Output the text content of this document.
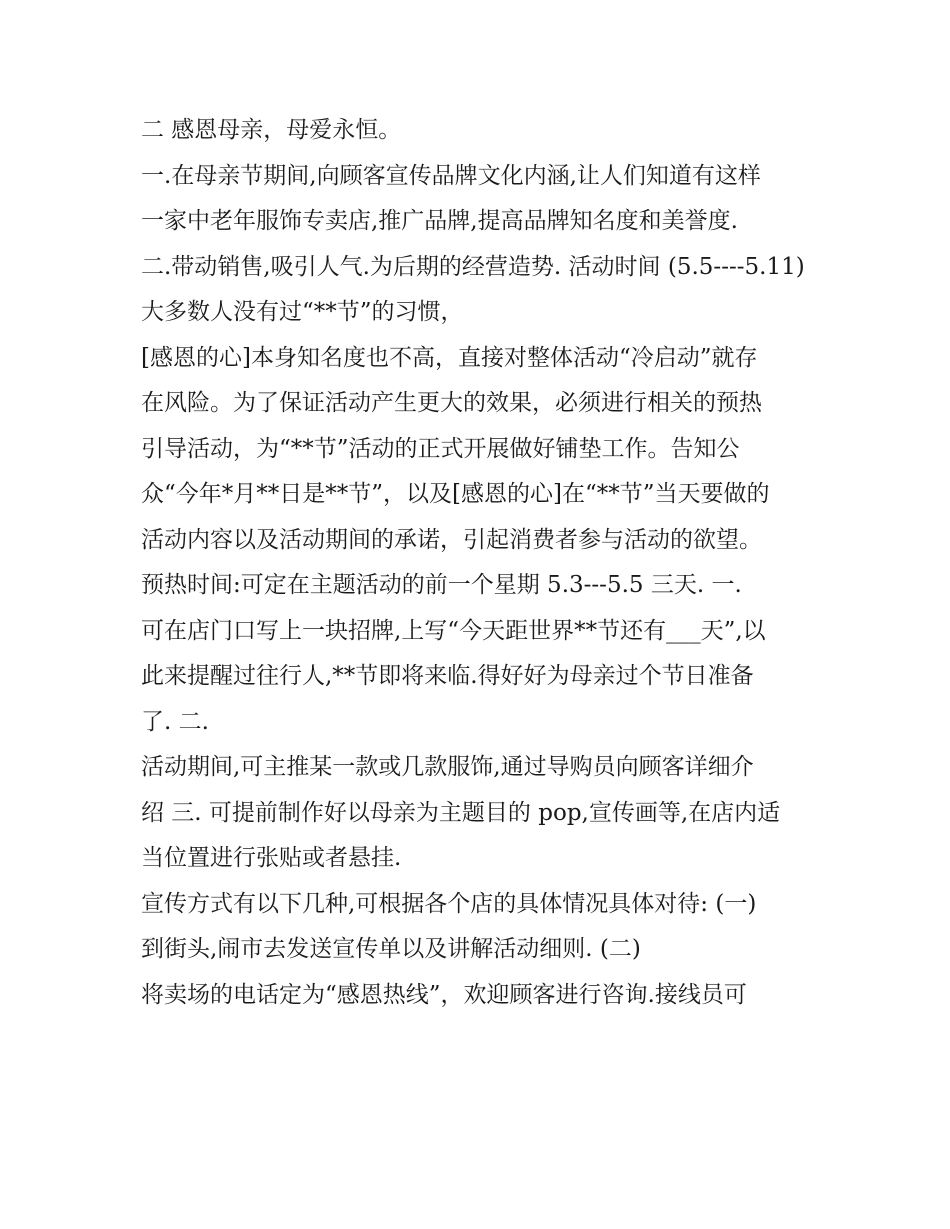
二 感恩母亲，母爱永恒。

一.在母亲节期间,向顾客宣传品牌文化内涵,让人们知道有这样

一家中老年服饰专卖店,推广品牌,提高品牌知名度和美誉度.

二.带动销售,吸引人气.为后期的经营造势. 活动时间 (5.5----5.11)

大多数人没有过“**节”的习惯，

[感恩的心]本身知名度也不高，直接对整体活动“冷启动”就存

在风险。为了保证活动产生更大的效果，必须进行相关的预热

引导活动，为“**节”活动的正式开展做好铺垫工作。告知公

众“今年*月**日是**节”，以及[感恩的心]在“**节”当天要做的

活动内容以及活动期间的承诺，引起消费者参与活动的欲望。

预热时间:可定在主题活动的前一个星期 5.3---5.5 三天. 一.

可在店门口写上一块招牌,上写“今天距世界**节还有___天”,以

此来提醒过往行人,**节即将来临.得好好为母亲过个节日准备

了. 二.

活动期间,可主推某一款或几款服饰,通过导购员向顾客详细介

绍 三. 可提前制作好以母亲为主题目的 pop,宣传画等,在店内适

当位置进行张贴或者悬挂.

宣传方式有以下几种,可根据各个店的具体情况具体对待: (一)

到街头,闹市去发送宣传单以及讲解活动细则. (二)

将卖场的电话定为“感恩热线”，欢迎顾客进行咨询.接线员可
